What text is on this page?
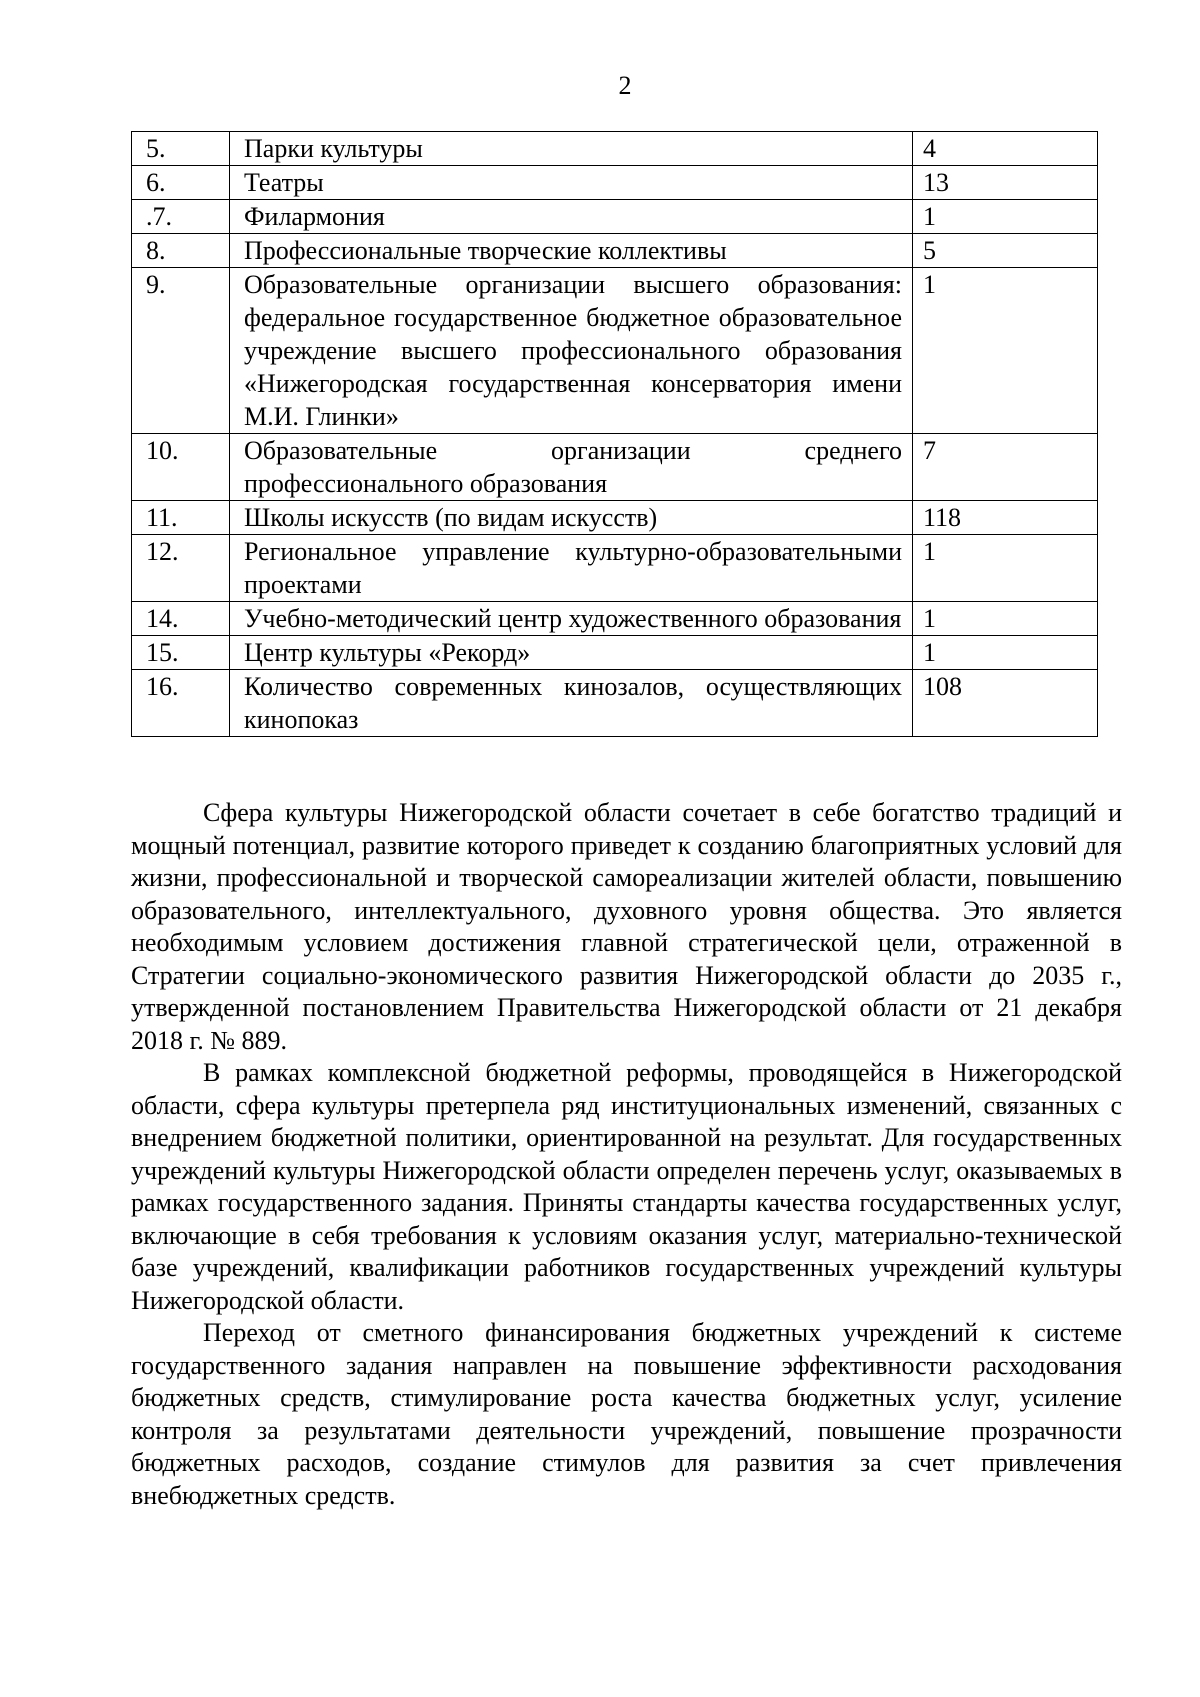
2
5.	Парки культуры	4
6.	Театры	13
.7.	Филармония	1
8.	Профессиональные творческие коллективы	5
9.	Образовательные организации высшего образования: федеральное государственное бюджетное образовательное учреждение высшего профессионального образования «Нижегородская государственная консерватория имени М.И. Глинки»	1
10.	Образовательные организации среднего профессионального образования	7
11.	Школы искусств (по видам искусств)	118
12.	Региональное управление культурно-образовательными проектами	1
14.	Учебно-методический центр художественного образования	1
15.	Центр культуры «Рекорд»	1
16.	Количество современных кинозалов, осуществляющих кинопоказ	108

Сфера культуры Нижегородской области сочетает в себе богатство традиций и мощный потенциал, развитие которого приведет к созданию благоприятных условий для жизни, профессиональной и творческой самореализации жителей области, повышению образовательного, интеллектуального, духовного уровня общества. Это является необходимым условием достижения главной стратегической цели, отраженной в Стратегии социально-экономического развития Нижегородской области до 2035 г., утвержденной постановлением Правительства Нижегородской области от 21 декабря 2018 г. № 889.

В рамках комплексной бюджетной реформы, проводящейся в Нижегородской области, сфера культуры претерпела ряд институциональных изменений, связанных с внедрением бюджетной политики, ориентированной на результат. Для государственных учреждений культуры Нижегородской области определен перечень услуг, оказываемых в рамках государственного задания. Приняты стандарты качества государственных услуг, включающие в себя требования к условиям оказания услуг, материально-технической базе учреждений, квалификации работников государственных учреждений культуры Нижегородской области.

Переход от сметного финансирования бюджетных учреждений к системе государственного задания направлен на повышение эффективности расходования бюджетных средств, стимулирование роста качества бюджетных услуг, усиление контроля за результатами деятельности учреждений, повышение прозрачности бюджетных расходов, создание стимулов для развития за счет привлечения внебюджетных средств.
